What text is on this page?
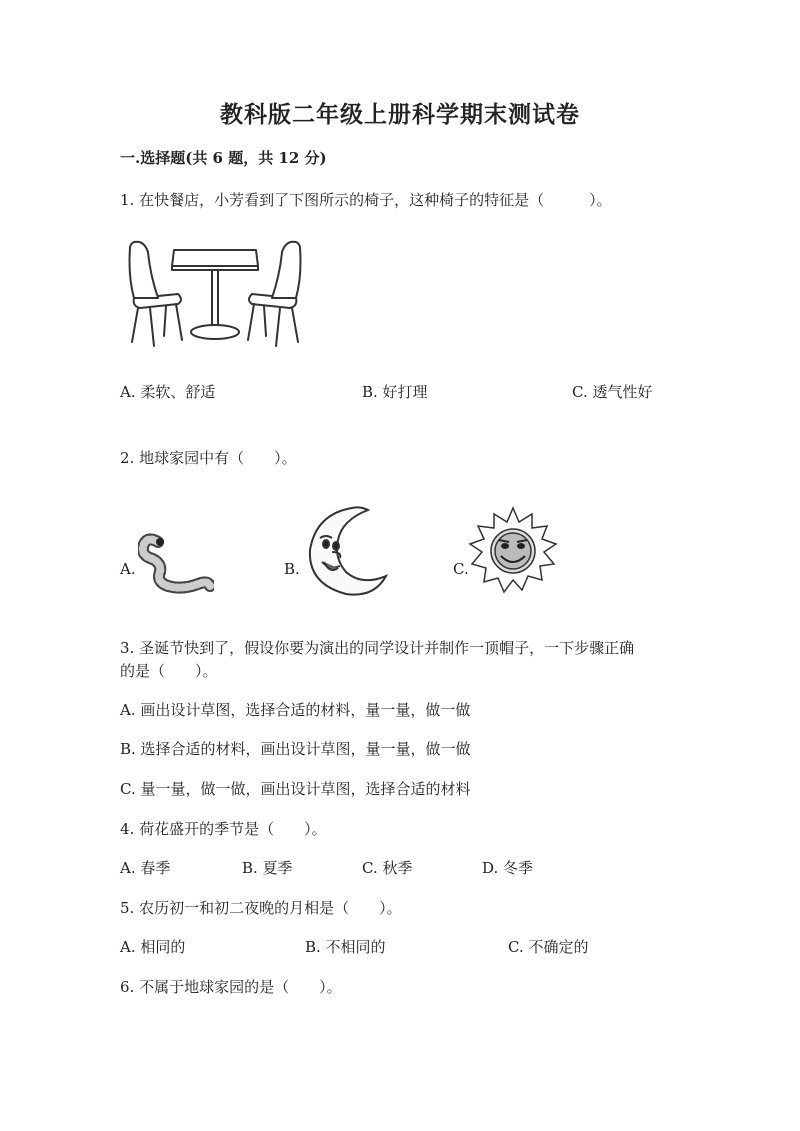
教科版二年级上册科学期末测试卷
一.选择题(共 6 题，共 12 分)
1. 在快餐店，小芳看到了下图所示的椅子，这种椅子的特征是（　　　）。
A. 柔软、舒适	B. 好打理	C. 透气性好
2. 地球家园中有（　　）。
A.	B.	C.
3. 圣诞节快到了，假设你要为演出的同学设计并制作一顶帽子，一下步骤正确
的是（　　）。
A. 画出设计草图，选择合适的材料，量一量，做一做
B. 选择合适的材料，画出设计草图，量一量，做一做
C. 量一量，做一做，画出设计草图，选择合适的材料
4. 荷花盛开的季节是（　　）。
A. 春季	B. 夏季	C. 秋季	D. 冬季
5. 农历初一和初二夜晚的月相是（　　）。
A. 相同的	B. 不相同的	C. 不确定的
6. 不属于地球家园的是（　　）。
